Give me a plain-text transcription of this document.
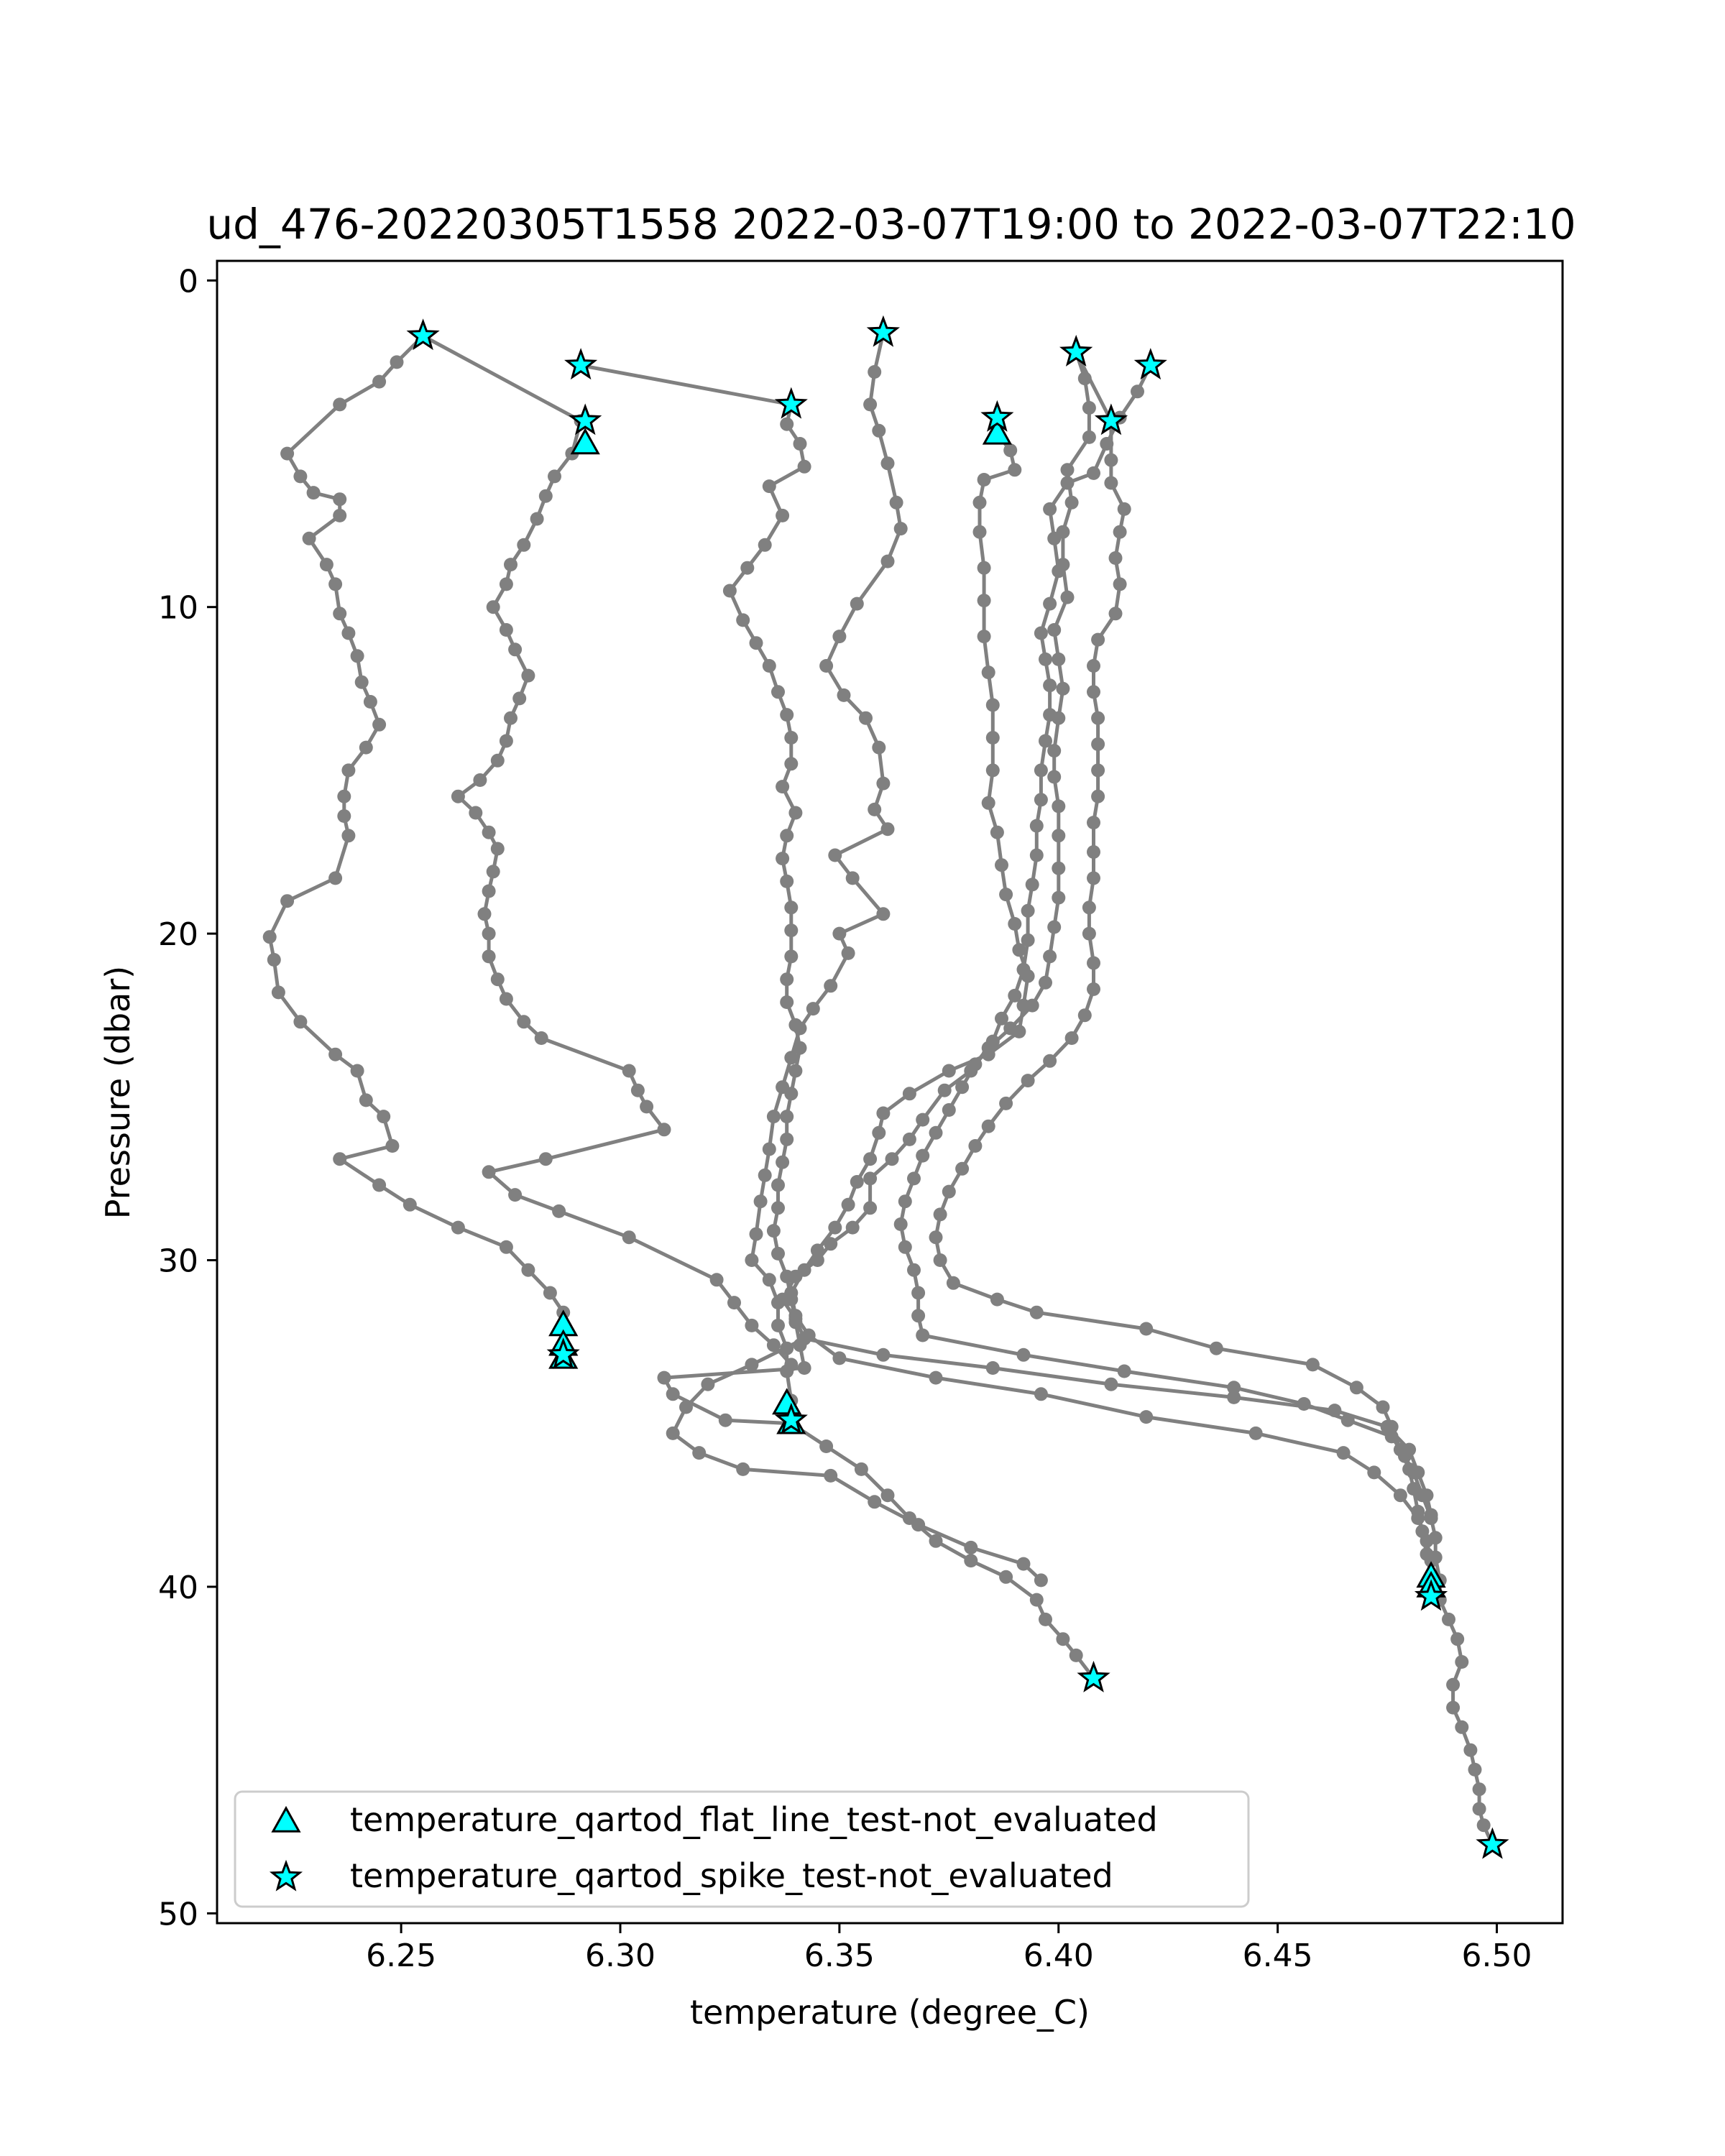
ud_476-20220305T1558 2022-03-07T19:00 to 2022-03-07T22:10
6.25	6.30	6.35	6.40	6.45	6.50
0
10
20
30
40
50
temperature (degree_C)
Pressure (dbar)
temperature_qartod_flat_line_test-not_evaluated
temperature_qartod_spike_test-not_evaluated
